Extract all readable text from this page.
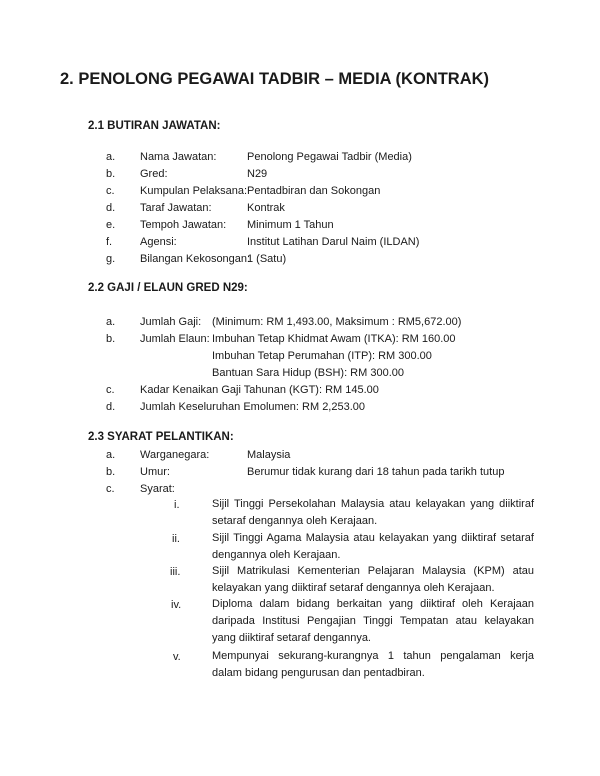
2. PENOLONG PEGAWAI TADBIR – MEDIA (KONTRAK)
2.1 BUTIRAN JAWATAN:
a. Nama Jawatan:	Penolong Pegawai Tadbir (Media)
b. Gred:	N29
c. Kumpulan Pelaksana: Pentadbiran dan Sokongan
d. Taraf Jawatan:	Kontrak
e. Tempoh Jawatan: Minimum 1 Tahun
f.	Agensi:	Institut Latihan Darul Naim (ILDAN)
g. Bilangan Kekosongan:
1 (Satu)
2.2 GAJI / ELAUN GRED N29:
a. Jumlah Gaji: (Minimum: RM 1,493.00, Maksimum : RM5,672.00)
b. Jumlah Elaun: Imbuhan Tetap Khidmat Awam (ITKA): RM 160.00
Imbuhan Tetap Perumahan (ITP): RM 300.00
Bantuan Sara Hidup (BSH): RM 300.00
c. Kadar Kenaikan Gaji Tahunan (KGT): RM 145.00
d. Jumlah Keseluruhan Emolumen: RM 2,253.00
2.3 SYARAT PELANTIKAN:
a. Warganegara:	Malaysia
b. Umur:	Berumur tidak kurang dari 18 tahun pada tarikh tutup
c. Syarat:
i.	Sijil Tinggi Persekolahan Malaysia atau kelayakan yang diiktiraf setaraf dengannya oleh Kerajaan.
ii.	Sijil Tinggi Agama Malaysia atau kelayakan yang diiktiraf setaraf dengannya oleh Kerajaan.
iii.	Sijil Matrikulasi Kementerian Pelajaran Malaysia (KPM) atau kelayakan yang diiktiraf setaraf dengannya oleh Kerajaan.
iv.	Diploma dalam bidang berkaitan yang diiktiraf oleh Kerajaan daripada Institusi Pengajian Tinggi Tempatan atau kelayakan yang diiktiraf setaraf dengannya.
v.	Mempunyai sekurang-kurangnya 1 tahun pengalaman kerja dalam bidang pengurusan dan pentadbiran.
